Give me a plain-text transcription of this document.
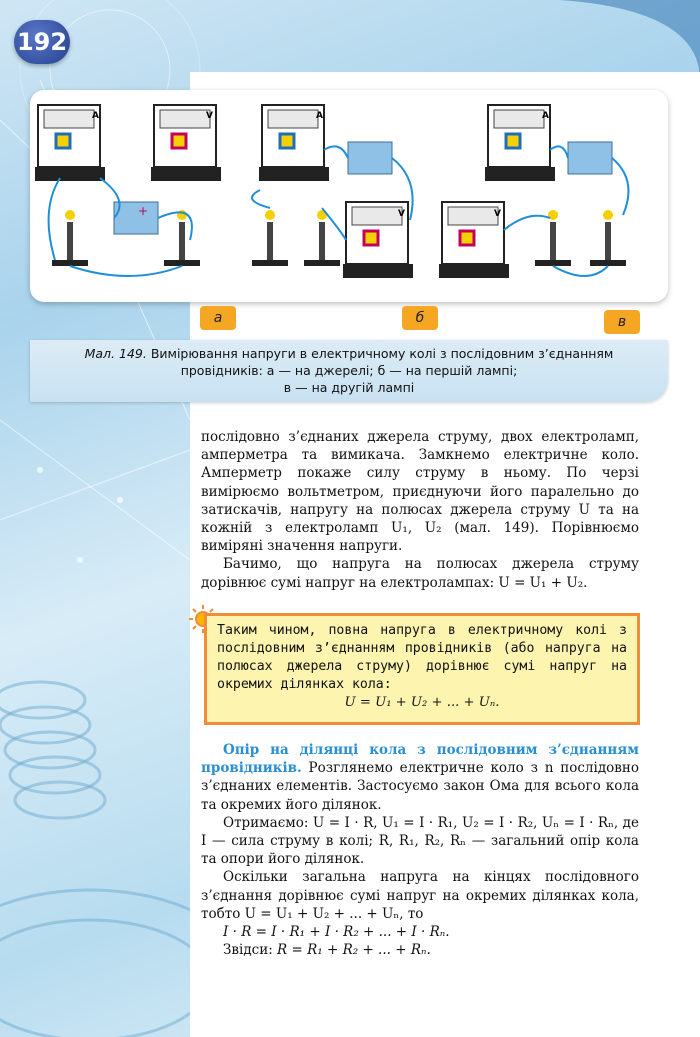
192
A	V
+
A
V
A
V
а	б	в
Мал. 149. Вимірювання напруги в електричному колі з послідовним з’єднанням
провідників: а — на джерелі; б — на першій лампі;
в — на другій лампі

послідовно з’єднаних джерела струму, двох електроламп, амперметра та вимикача. Замкнемо електричне коло. Амперметр покаже силу струму в ньому. По черзі вимірюємо вольтметром, приєднуючи його паралельно до затискачів, напругу на полюсах джерела струму U та на кожній з електроламп U₁, U₂ (мал. 149). Порівнюємо виміряні значення напруги.

Бачимо, що напруга на полюсах джерела струму дорівнює сумі напруг на електролампах: U = U₁ + U₂.

Таким чином, повна напруга в електричному колі з послідовним з’єднанням провідників (або напруга на полюсах джерела струму) дорівнює сумі напруг на окремих ділянках кола:
U = U₁ + U₂ + ... + Uₙ.

Опір на ділянці кола з послідовним з’єднанням провідників. Розглянемо електричне коло з n послідовно з’єднаних елементів. Застосуємо закон Ома для всього кола та окремих його ділянок.

Отримаємо: U = I · R, U₁ = I · R₁, U₂ = I · R₂, Uₙ = I · Rₙ, де I — сила струму в колі; R, R₁, R₂, Rₙ — загальний опір кола та опори його ділянок.

Оскільки загальна напруга на кінцях послідовного з’єднання дорівнює сумі напруг на окремих ділянках кола, тобто U = U₁ + U₂ + ... + Uₙ, то

I · R = I · R₁ + I · R₂ + ... + I · Rₙ.

Звідси: R = R₁ + R₂ + ... + Rₙ.
